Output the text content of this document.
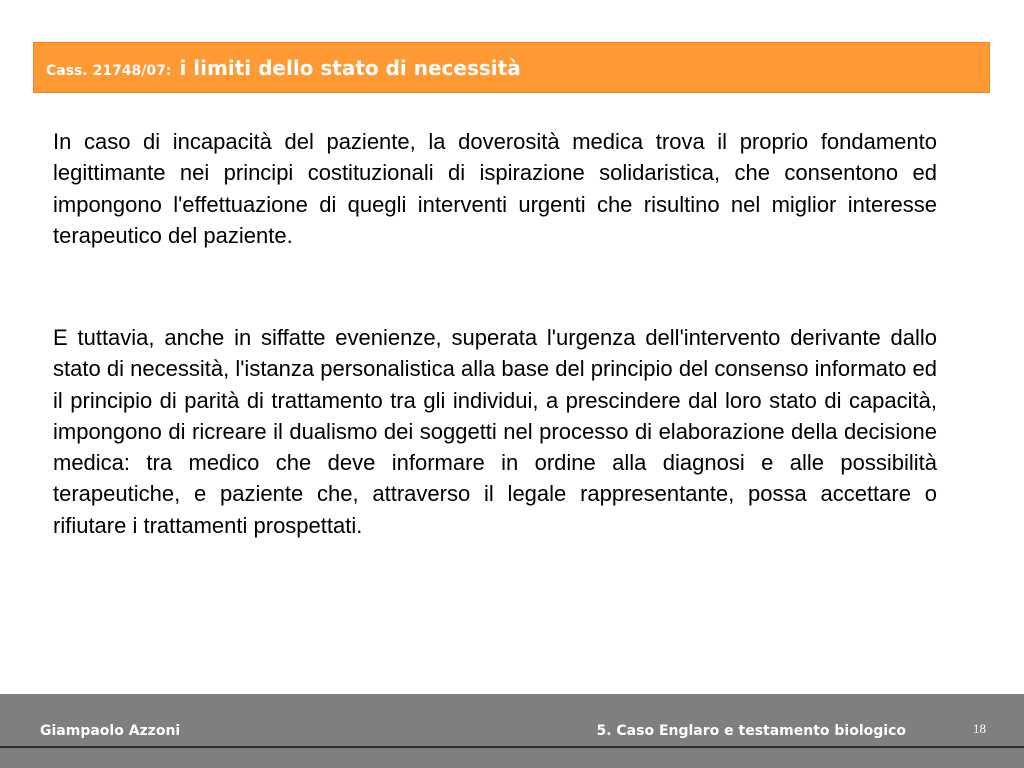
Cass. 21748/07: i limiti dello stato di necessità

In caso di incapacità del paziente, la doverosità medica trova il proprio fondamento legittimante nei principi costituzionali di ispirazione solidaristica, che consentono ed impongono l'effettuazione di quegli interventi urgenti che risultino nel miglior interesse terapeutico del paziente.

E tuttavia, anche in siffatte evenienze, superata l'urgenza dell'intervento derivante dallo stato di necessità, l'istanza personalistica alla base del principio del consenso informato ed il principio di parità di trattamento tra gli individui, a prescindere dal loro stato di capacità, impongono di ricreare il dualismo dei soggetti nel processo di elaborazione della decisione medica: tra medico che deve informare in ordine alla diagnosi e alle possibilità terapeutiche, e paziente che, attraverso il legale rappresentante, possa accettare o rifiutare i trattamenti prospettati.

Giampaolo Azzoni	5. Caso Englaro e testamento biologico	18
